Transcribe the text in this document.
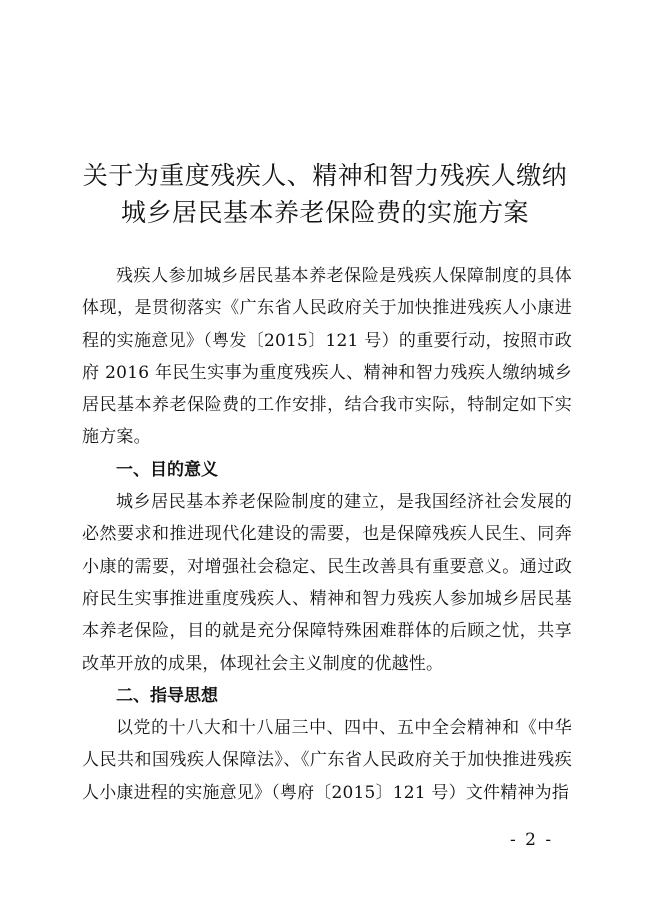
关于为重度残疾人、精神和智力残疾人缴纳
城乡居民基本养老保险费的实施方案

残疾人参加城乡居民基本养老保险是残疾人保障制度的具体体现，是贯彻落实《广东省人民政府关于加快推进残疾人小康进程的实施意见》（粤发〔2015〕121 号）的重要行动，按照市政府 2016 年民生实事为重度残疾人、精神和智力残疾人缴纳城乡居民基本养老保险费的工作安排，结合我市实际，特制定如下实施方案。

一、目的意义

城乡居民基本养老保险制度的建立，是我国经济社会发展的必然要求和推进现代化建设的需要，也是保障残疾人民生、同奔小康的需要，对增强社会稳定、民生改善具有重要意义。通过政府民生实事推进重度残疾人、精神和智力残疾人参加城乡居民基本养老保险，目的就是充分保障特殊困难群体的后顾之忧，共享改革开放的成果，体现社会主义制度的优越性。

二、指导思想

以党的十八大和十八届三中、四中、五中全会精神和《中华人民共和国残疾人保障法》、《广东省人民政府关于加快推进残疾人小康进程的实施意见》（粤府〔2015〕121 号）文件精神为指

- 2 -
